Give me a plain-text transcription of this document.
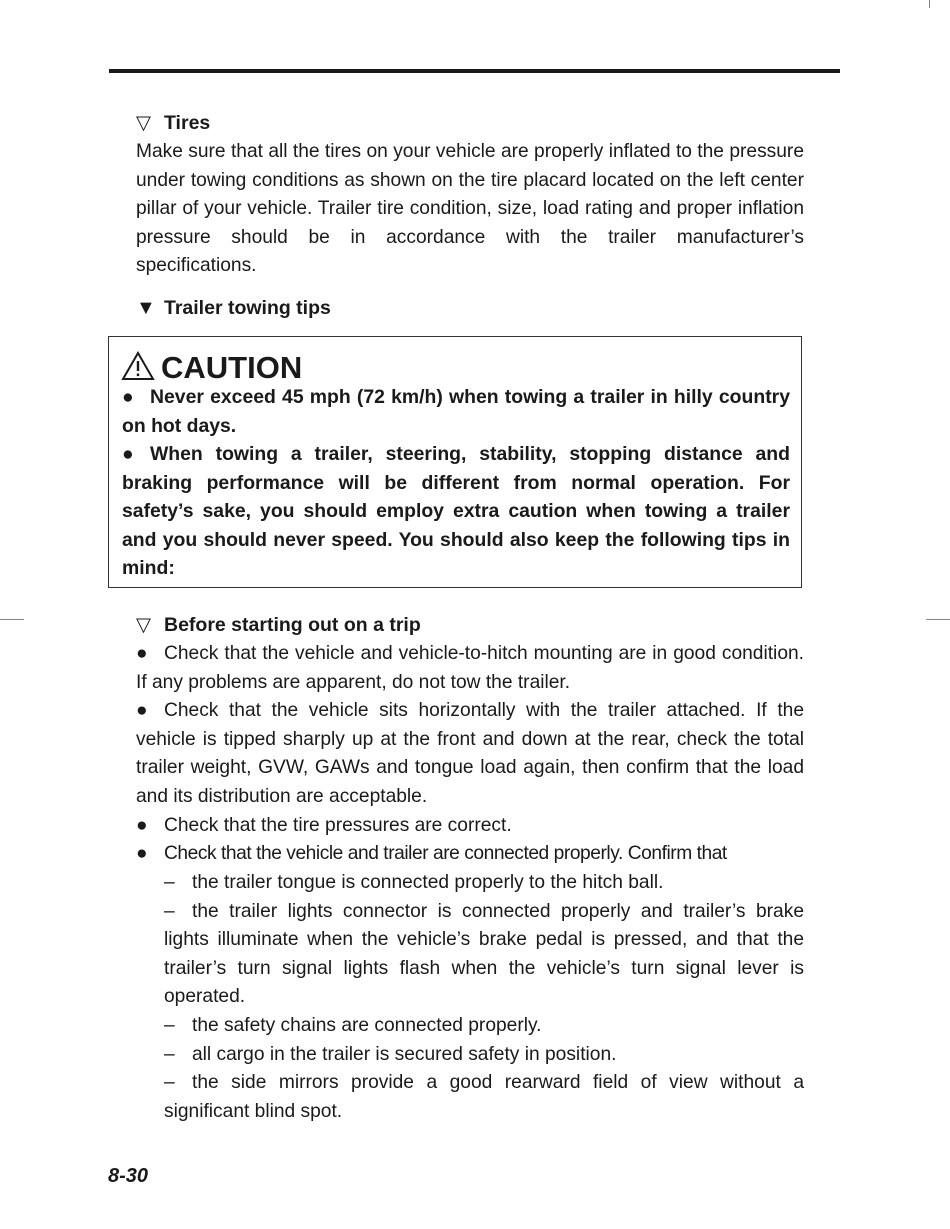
▽ Tires

Make sure that all the tires on your vehicle are properly inflated to the pressure under towing conditions as shown on the tire placard located on the left center pillar of your vehicle. Trailer tire condition, size, load rating and proper inflation pressure should be in accordance with the trailer manufacturer’s specifications.

▼ Trailer towing tips
CAUTION
● Never exceed 45 mph (72 km/h) when towing a trailer in hilly country on hot days.
● When towing a trailer, steering, stability, stopping distance and braking performance will be different from normal operation. For safety’s sake, you should employ extra caution when towing a trailer and you should never speed. You should also keep the following tips in mind:
▽ Before starting out on a trip

● Check that the vehicle and vehicle-to-hitch mounting are in good condition. If any problems are apparent, do not tow the trailer.

● Check that the vehicle sits horizontally with the trailer attached. If the vehicle is tipped sharply up at the front and down at the rear, check the total trailer weight, GVW, GAWs and tongue load again, then confirm that the load and its distribution are acceptable.

● Check that the tire pressures are correct.

● Check that the vehicle and trailer are connected properly. Confirm that

– the trailer tongue is connected properly to the hitch ball.

– the trailer lights connector is connected properly and trailer’s brake lights illuminate when the vehicle’s brake pedal is pressed, and that the trailer’s turn signal lights flash when the vehicle’s turn signal lever is operated.

– the safety chains are connected properly.

– all cargo in the trailer is secured safety in position.

– the side mirrors provide a good rearward field of view without a significant blind spot.

8-30
